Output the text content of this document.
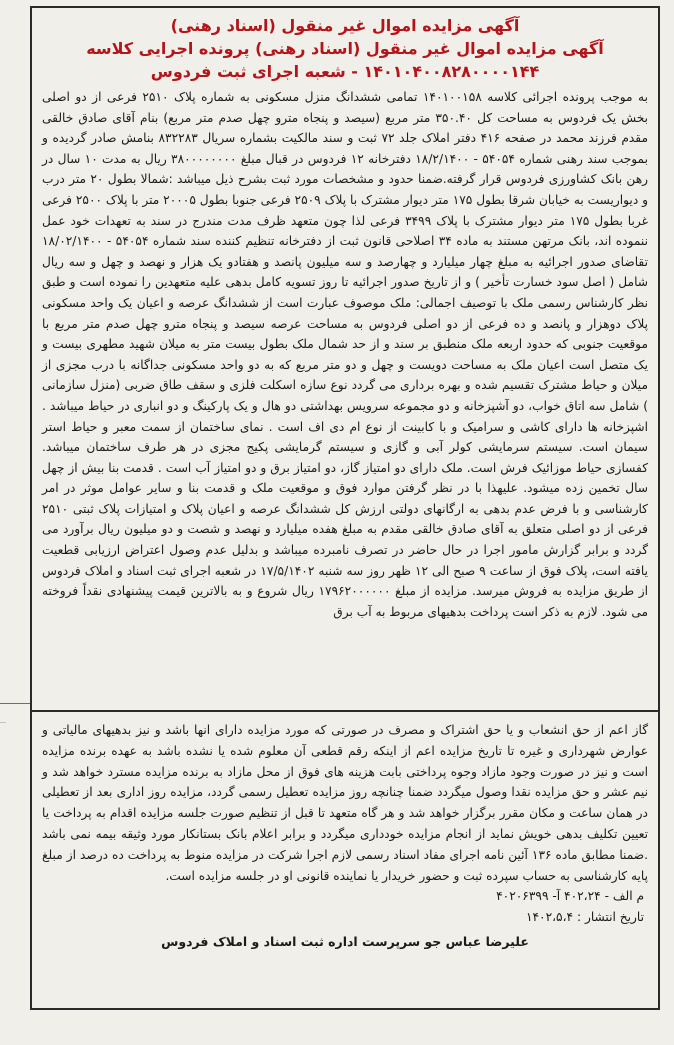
آگهی مزایده اموال غیر منقول (اسناد رهنی)
آگهی مزایده اموال غیر منقول (اسناد رهنی) پرونده اجرایی کلاسه
۱۴۰۱۰۴۰۰۸۲۸۰۰۰۰۱۴۴ - شعبه اجرای ثبت فردوس
به موجب پرونده اجرائی کلاسه ۱۴۰۱۰۰۱۵۸ تمامی ششدانگ منزل مسکونی به شماره پلاک ۲۵۱۰ فرعی از دو اصلی بخش یک فردوس به مساحت کل ۳۵۰.۴۰ متر مربع (سیصد و پنجاه مترو چهل صدم متر مربع) بنام آقای صادق خالقی مقدم فرزند محمد در صفحه ۴۱۶ دفتر املاک جلد ۷۲ ثبت و سند مالکیت بشماره سریال ۸۳۲۲۸۳ بنامش صادر گردیده و بموجب سند رهنی شماره ۵۴۰۵۴ - ۱۸/۲/۱۴۰۰ دفترخانه ۱۲ فردوس در قبال مبلغ ۳۸۰۰۰۰۰۰۰۰ ریال به مدت ۱۰ سال در رهن بانک کشاورزی فردوس قرار گرفته.ضمنا حدود و مشخصات مورد ثبت بشرح ذیل میباشد :شمالا بطول ۲۰ متر درب و دیواریست به خیابان شرقا بطول ۱۷۵ متر دیوار مشترک با پلاک ۲۵۰۹ فرعی جنوبا بطول ۲۰۰۰۵ متر با پلاک ۲۵۰۰ فرعی غربا بطول ۱۷۵ متر دیوار مشترک با پلاک ۳۴۹۹ فرعی لذا چون متعهد ظرف مدت مندرج در سند به تعهدات خود عمل ننموده اند، بانک مرتهن مستند به ماده ۳۴ اصلاحی قانون ثبت از دفترخانه تنظیم کننده سند شماره ۵۴۰۵۴ - ۱۸/۰۲/۱۴۰۰ تقاضای صدور اجرائیه به مبلغ چهار میلیارد و چهارصد و سه میلیون پانصد و هفتادو یک هزار و نهصد و چهل و سه ریال شامل ( اصل سود خسارت تأخیر ) و از تاریخ صدور اجرائیه تا روز تسویه کامل بدهی علیه متعهدین را نموده است و طبق نظر کارشناس رسمی ملک با توصیف اجمالی: ملک موصوف عبارت است از ششدانگ عرصه و اعیان یک واحد مسکونی پلاک دوهزار و پانصد و ده فرعی از دو اصلی فردوس به مساحت عرصه سیصد و پنجاه مترو چهل صدم متر مربع با موقعیت جنوبی که حدود اربعه ملک منطبق بر سند و از حد شمال ملک بطول بیست متر به میلان شهید مطهری بیست و یک متصل است اعیان ملک به مساحت دویست و چهل و دو متر مربع که به دو واحد مسکونی جداگانه با درب مجزی از میلان و حیاط مشترک تقسیم شده و بهره برداری می گردد نوع سازه اسکلت فلزی و سقف طاق ضربی (منزل سازمانی ) شامل سه اتاق خواب، دو آشپزخانه و دو مجموعه سرویس بهداشتی دو هال و یک پارکینگ و دو انباری در حیاط میباشد . اشپزخانه ها دارای کاشی و سرامیک و با کابینت از نوع ام دی اف است . نمای ساختمان از سمت معبر و حیاط استر سیمان است. سیستم سرمایشی کولر آبی و گازی و سیستم گرمایشی پکیج مجزی در هر طرف ساختمان میباشد. کفسازی حیاط موزائیک فرش است. ملک دارای دو امتیاز گاز، دو امتیاز برق و دو امتیاز آب است . قدمت بنا بیش از چهل سال تخمین زده میشود. علیهذا با در نظر گرفتن موارد فوق و موقعیت ملک و قدمت بنا و سایر عوامل موثر در امر کارشناسی و با فرض عدم بدهی به ارگانهای دولتی ارزش کل ششدانگ عرصه و اعیان پلاک و امتیازات پلاک ثبتی ۲۵۱۰ فرعی از دو اصلی متعلق به آقای صادق خالقی مقدم به مبلغ هفده میلیارد و نهصد و شصت و دو میلیون ریال برآورد می گردد و برابر گزارش مامور اجرا در حال حاضر در تصرف نامبرده میباشد و بدلیل عدم وصول اعتراض ارزیابی قطعیت یافته است، پلاک فوق از ساعت ۹ صبح الی ۱۲ ظهر روز سه شنبه ۱۷/۵/۱۴۰۲ در شعبه اجرای ثبت اسناد و املاک فردوس از طریق مزایده به فروش میرسد. مزایده از مبلغ ۱۷۹۶۲۰۰۰۰۰۰ ریال شروع و به بالاترین قیمت پیشنهادی نقداً فروخته می شود. لازم به ذکر است پرداخت بدهیهای مربوط به آب برق
گاز اعم از حق انشعاب و یا حق اشتراک و مصرف در صورتی که مورد مزایده دارای انها باشد و نیز بدهیهای مالیاتی و عوارض شهرداری و غیره تا تاریخ مزایده اعم از اینکه رقم قطعی آن معلوم شده یا نشده باشد به عهده برنده مزایده است و نیز در صورت وجود مازاد وجوه پرداختی بابت هزینه های فوق از محل مازاد به برنده مزایده مسترد خواهد شد و نیم عشر و حق مزایده نقدا وصول میگردد ضمنا چنانچه روز مزایده تعطیل رسمی گردد، مزایده روز اداری بعد از تعطیلی در همان ساعت و مکان مقرر برگزار خواهد شد و هر گاه متعهد تا قبل از تنظیم صورت جلسه مزایده اقدام به پرداخت یا تعیین تکلیف بدهی خویش نماید از انجام مزایده خودداری میگردد و برابر اعلام بانک بستانکار مورد وثیقه بیمه نمی باشد .ضمنا مطابق ماده ۱۳۶ آئین نامه اجرای مفاد اسناد رسمی لازم اجرا شرکت در مزایده منوط به پرداخت ده درصد از مبلغ پایه کارشناسی به حساب سپرده ثبت و حضور خریدار یا نماینده قانونی او در جلسه مزایده است.
م الف - ۴۰۲،۲۴ آ- ۴۰۲۰۶۳۹۹
تاریخ انتشار : ۱۴۰۲،۵،۴
علیرضا عباس جو سرپرست اداره ثبت اسناد و املاک فردوس
